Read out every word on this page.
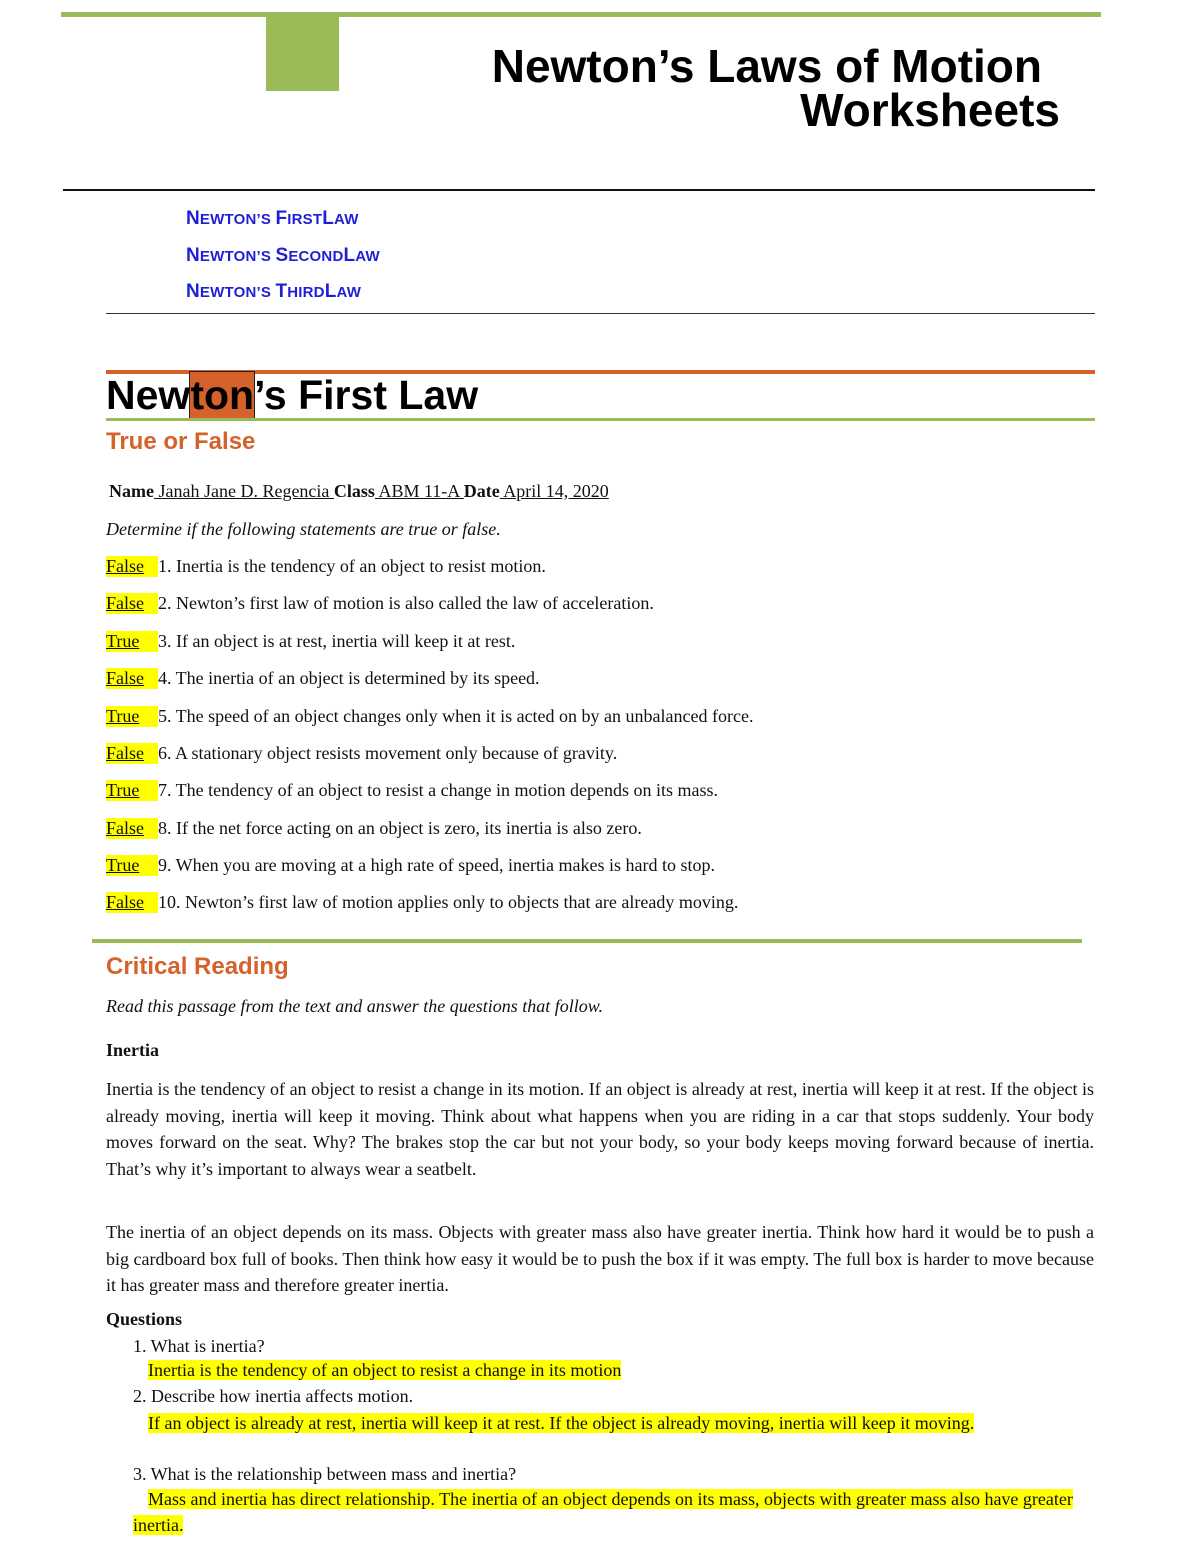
Newton’s Laws of Motion
Worksheets
NEWTON’S FIRSTLAW
NEWTON’S SECONDLAW
NEWTON’S THIRDLAW
Newton’s First Law
True or False
Name Janah Jane D. Regencia Class ABM 11-A Date April 14, 2020
Determine if the following statements are true or false.
False1. Inertia is the tendency of an object to resist motion.
False2. Newton’s first law of motion is also called the law of acceleration.
True3. If an object is at rest, inertia will keep it at rest.
False4. The inertia of an object is determined by its speed.
True5. The speed of an object changes only when it is acted on by an unbalanced force.
False6. A stationary object resists movement only because of gravity.
True7. The tendency of an object to resist a change in motion depends on its mass.
False8. If the net force acting on an object is zero, its inertia is also zero.
True9. When you are moving at a high rate of speed, inertia makes is hard to stop.
False10. Newton’s first law of motion applies only to objects that are already moving.
Critical Reading
Read this passage from the text and answer the questions that follow.
Inertia
Inertia is the tendency of an object to resist a change in its motion. If an object is already at rest, inertia will keep it at rest. If the object is already moving, inertia will keep it moving. Think about what happens when you are riding in a car that stops suddenly. Your body moves forward on the seat. Why? The brakes stop the car but not your body, so your body keeps moving forward because of inertia. That’s why it’s important to always wear a seatbelt.
The inertia of an object depends on its mass. Objects with greater mass also have greater inertia. Think how hard it would be to push a big cardboard box full of books. Then think how easy it would be to push the box if it was empty. The full box is harder to move because it has greater mass and therefore greater inertia.
Questions
1. What is inertia?
Inertia is the tendency of an object to resist a change in its motion
2. Describe how inertia affects motion.
If an object is already at rest, inertia will keep it at rest. If the object is already moving, inertia will keep it moving.
3. What is the relationship between mass and inertia?
Mass and inertia has direct relationship. The inertia of an object depends on its mass, objects with greater mass also have greater inertia.
